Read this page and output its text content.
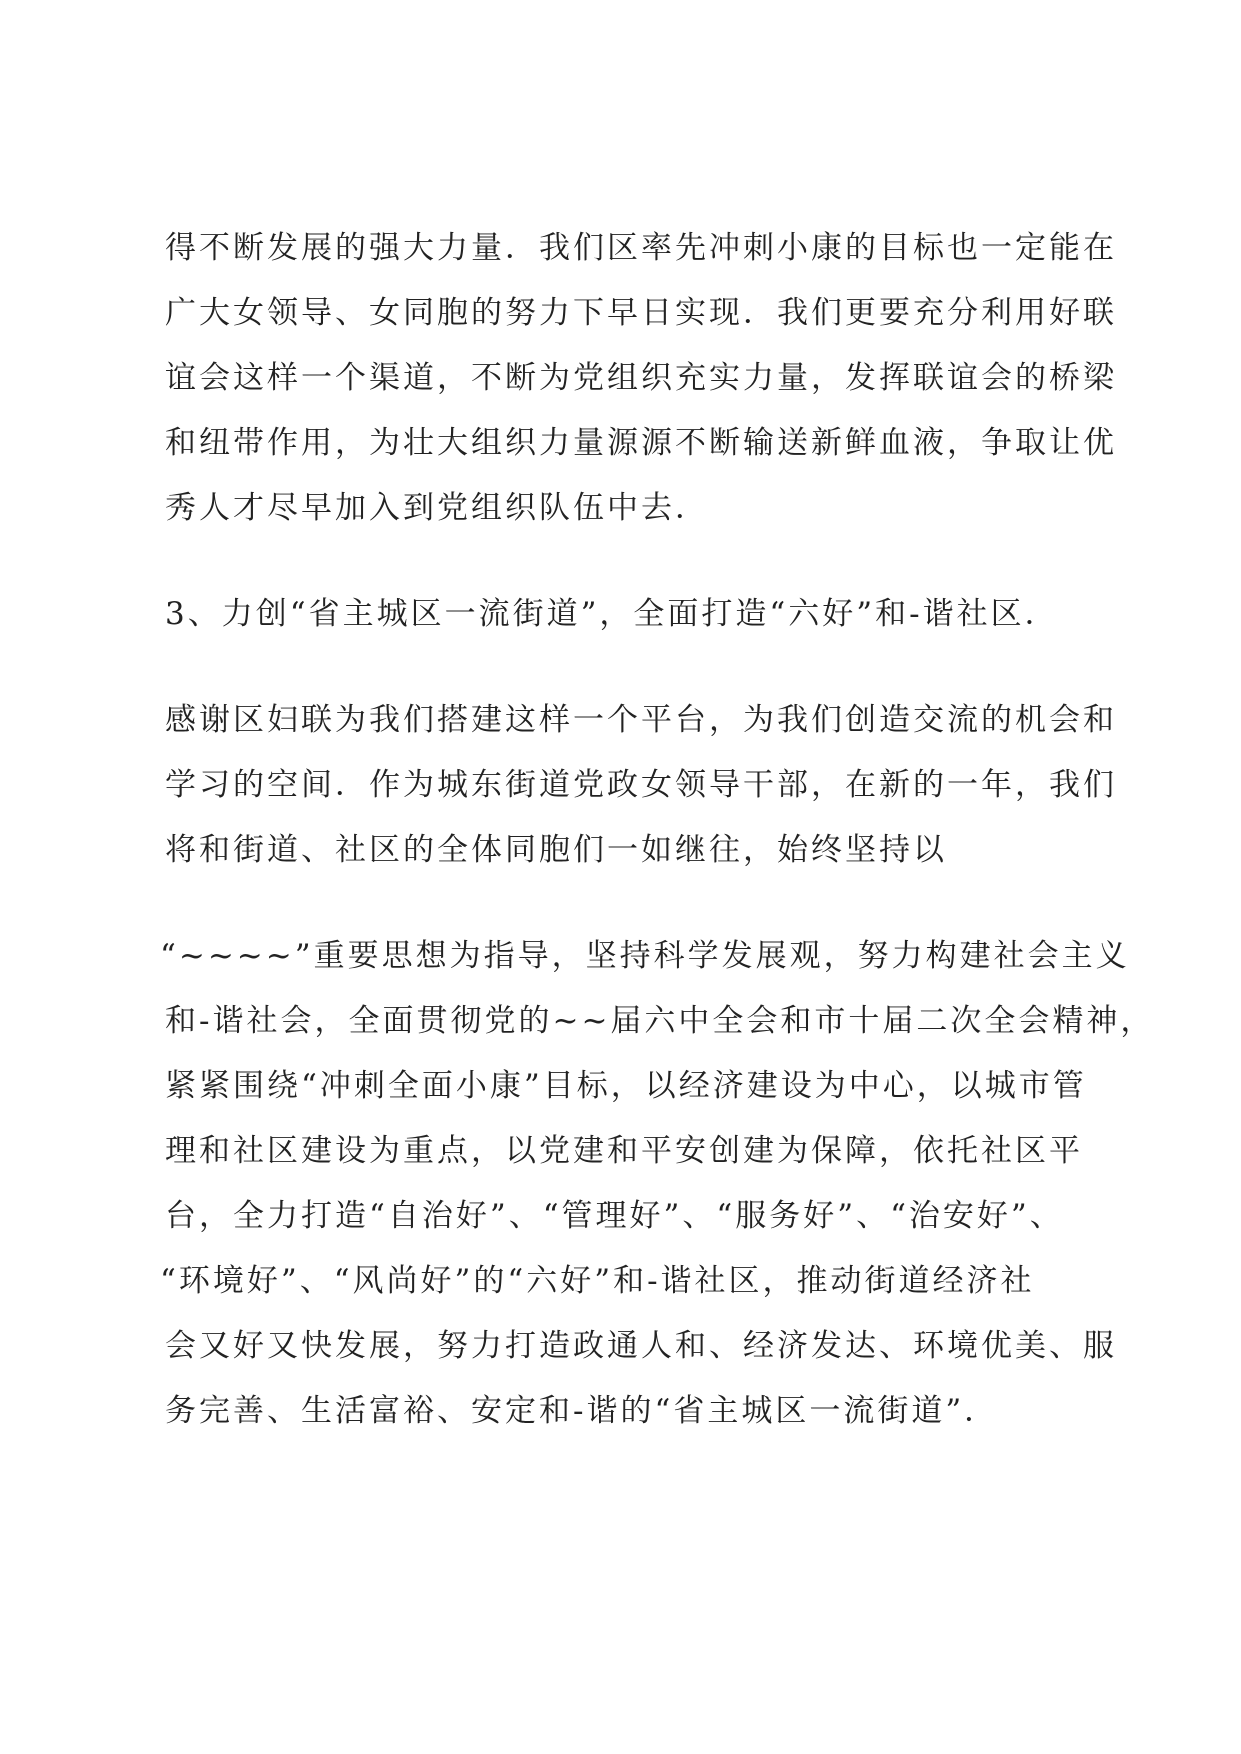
得不断发展的强大力量．我们区率先冲刺小康的目标也一定能在
广大女领导、女同胞的努力下早日实现．我们更要充分利用好联
谊会这样一个渠道，不断为党组织充实力量，发挥联谊会的桥梁
和纽带作用，为壮大组织力量源源不断输送新鲜血液，争取让优
秀人才尽早加入到党组织队伍中去．
3、力创“省主城区一流街道”，全面打造“六好”和-谐社区．
感谢区妇联为我们搭建这样一个平台，为我们创造交流的机会和
学习的空间．作为城东街道党政女领导干部，在新的一年，我们
将和街道、社区的全体同胞们一如继往，始终坚持以
“~~~~”重要思想为指导，坚持科学发展观，努力构建社会主义
和-谐社会，全面贯彻党的~~届六中全会和市十届二次全会精神，
紧紧围绕“冲刺全面小康”目标，以经济建设为中心，以城市管
理和社区建设为重点，以党建和平安创建为保障，依托社区平
台，全力打造“自治好”、“管理好”、“服务好”、“治安好”、
“环境好”、“风尚好”的“六好”和-谐社区，推动街道经济社
会又好又快发展，努力打造政通人和、经济发达、环境优美、服
务完善、生活富裕、安定和-谐的“省主城区一流街道”．
